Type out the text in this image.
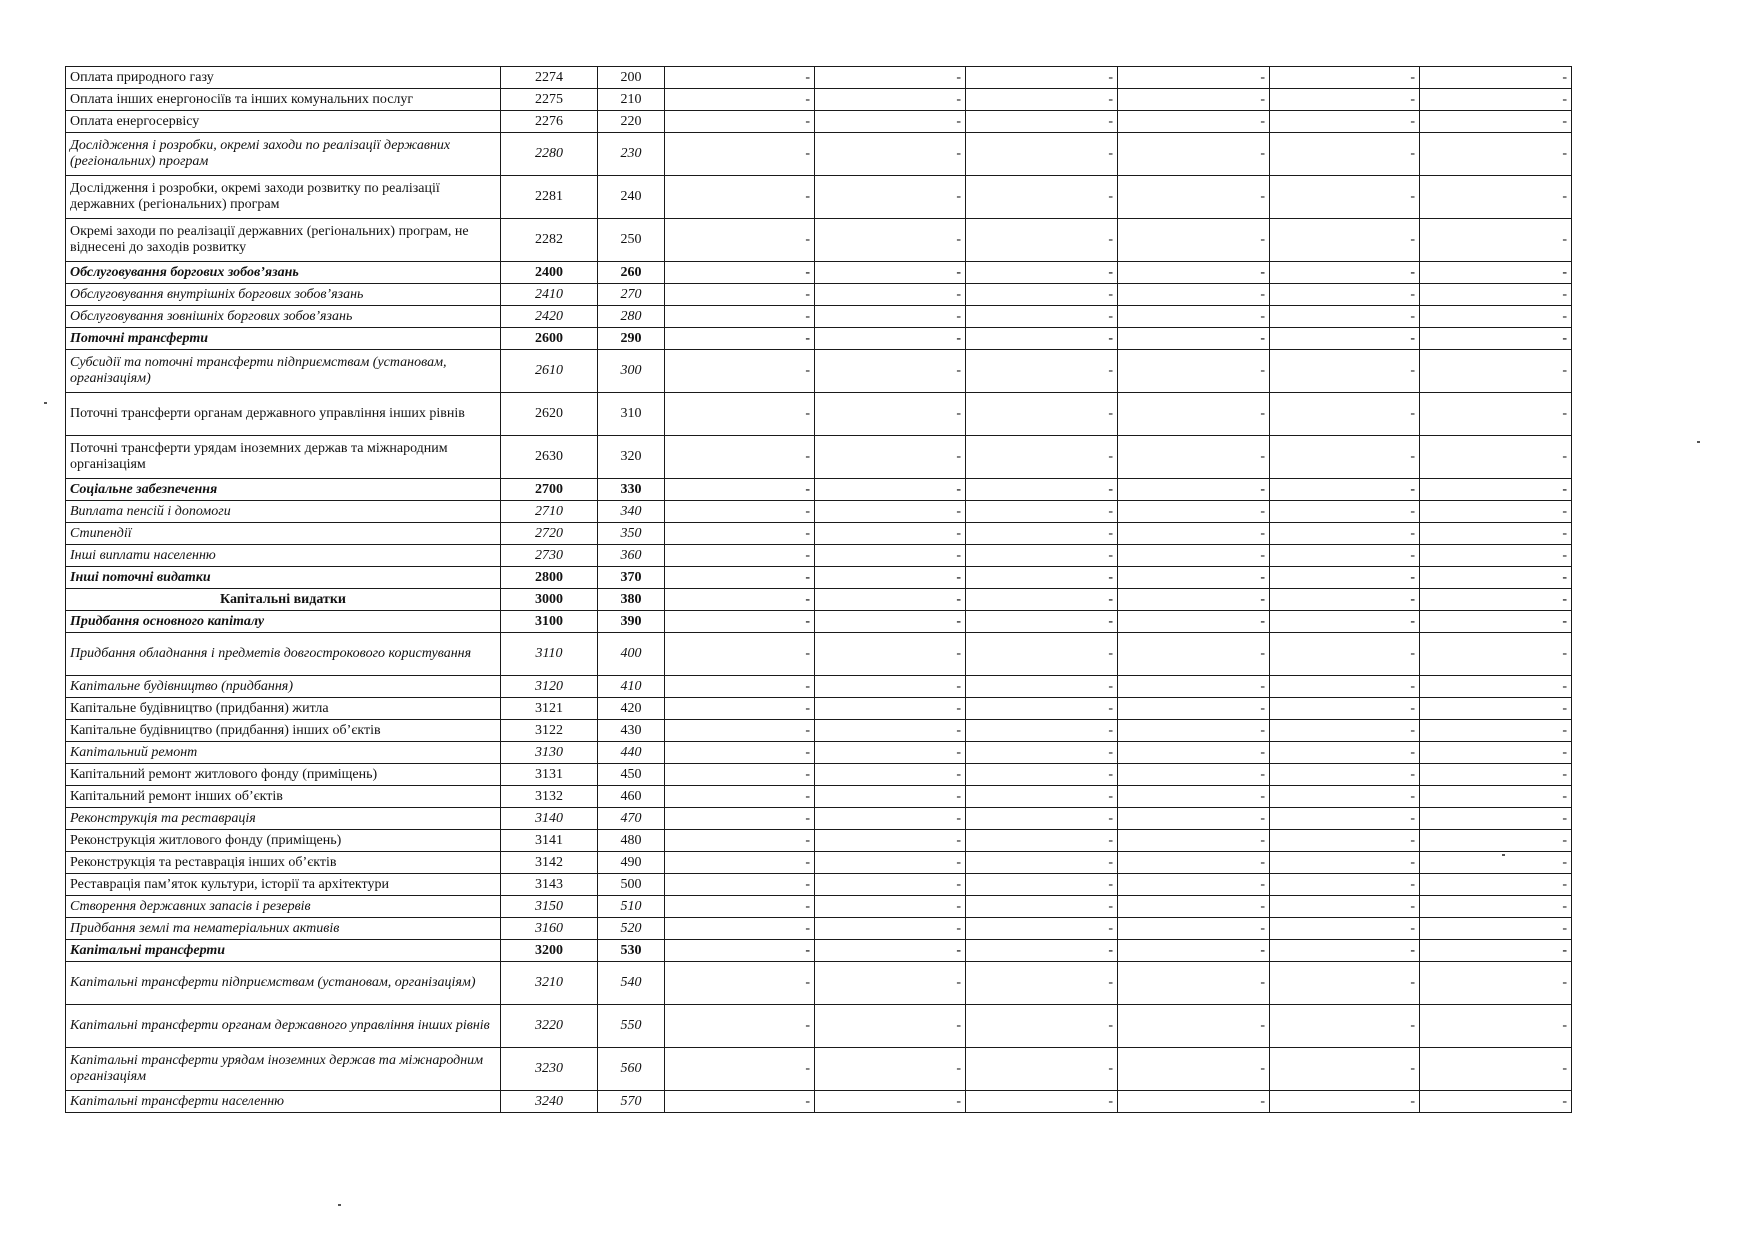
Оплата природного газу	2274	200	-	-	-	-	-	-
Оплата інших енергоносіїв та інших комунальних послуг	2275	210	-	-	-	-	-	-
Оплата енергосервісу	2276	220	-	-	-	-	-	-
Дослідження і розробки, окремі заходи по реалізації державних (регіональних) програм	2280	230	-	-	-	-	-	-
Дослідження і розробки, окремі заходи розвитку по реалізації державних (регіональних) програм	2281	240	-	-	-	-	-	-
Окремі заходи по реалізації державних (регіональних) програм, не віднесені до заходів розвитку	2282	250	-	-	-	-	-	-
Обслуговування боргових зобов’язань	2400	260	-	-	-	-	-	-
Обслуговування внутрішніх боргових зобов’язань	2410	270	-	-	-	-	-	-
Обслуговування зовнішніх боргових зобов’язань	2420	280	-	-	-	-	-	-
Поточні трансферти	2600	290	-	-	-	-	-	-
Субсидії та поточні трансферти підприємствам (установам, організаціям)	2610	300	-	-	-	-	-	-
Поточні трансферти органам державного управління інших рівнів	2620	310	-	-	-	-	-	-
Поточні трансферти урядам іноземних держав та міжнародним організаціям	2630	320	-	-	-	-	-	-
Соціальне забезпечення	2700	330	-	-	-	-	-	-
Виплата пенсій і допомоги	2710	340	-	-	-	-	-	-
Стипендії	2720	350	-	-	-	-	-	-
Інші виплати населенню	2730	360	-	-	-	-	-	-
Інші поточні видатки	2800	370	-	-	-	-	-	-
Капітальні видатки	3000	380	-	-	-	-	-	-
Придбання основного капіталу	3100	390	-	-	-	-	-	-
Придбання обладнання і предметів довгострокового користування	3110	400	-	-	-	-	-	-
Капітальне будівництво (придбання)	3120	410	-	-	-	-	-	-
Капітальне будівництво (придбання) житла	3121	420	-	-	-	-	-	-
Капітальне будівництво (придбання) інших об’єктів	3122	430	-	-	-	-	-	-
Капітальний ремонт	3130	440	-	-	-	-	-	-
Капітальний ремонт житлового фонду (приміщень)	3131	450	-	-	-	-	-	-
Капітальний ремонт інших об’єктів	3132	460	-	-	-	-	-	-
Реконструкція та реставрація	3140	470	-	-	-	-	-	-
Реконструкція житлового фонду (приміщень)	3141	480	-	-	-	-	-	-
Реконструкція та реставрація інших об’єктів	3142	490	-	-	-	-	-	-
Реставрація пам’яток культури, історії та архітектури	3143	500	-	-	-	-	-	-
Створення державних запасів і резервів	3150	510	-	-	-	-	-	-
Придбання землі та нематеріальних активів	3160	520	-	-	-	-	-	-
Капітальні трансферти	3200	530	-	-	-	-	-	-
Капітальні трансферти підприємствам (установам, організаціям)	3210	540	-	-	-	-	-	-
Капітальні трансферти органам державного управління інших рівнів	3220	550	-	-	-	-	-	-
Капітальні трансферти урядам іноземних держав та міжнародним організаціям	3230	560	-	-	-	-	-	-
Капітальні трансферти населенню	3240	570	-	-	-	-	-	-
